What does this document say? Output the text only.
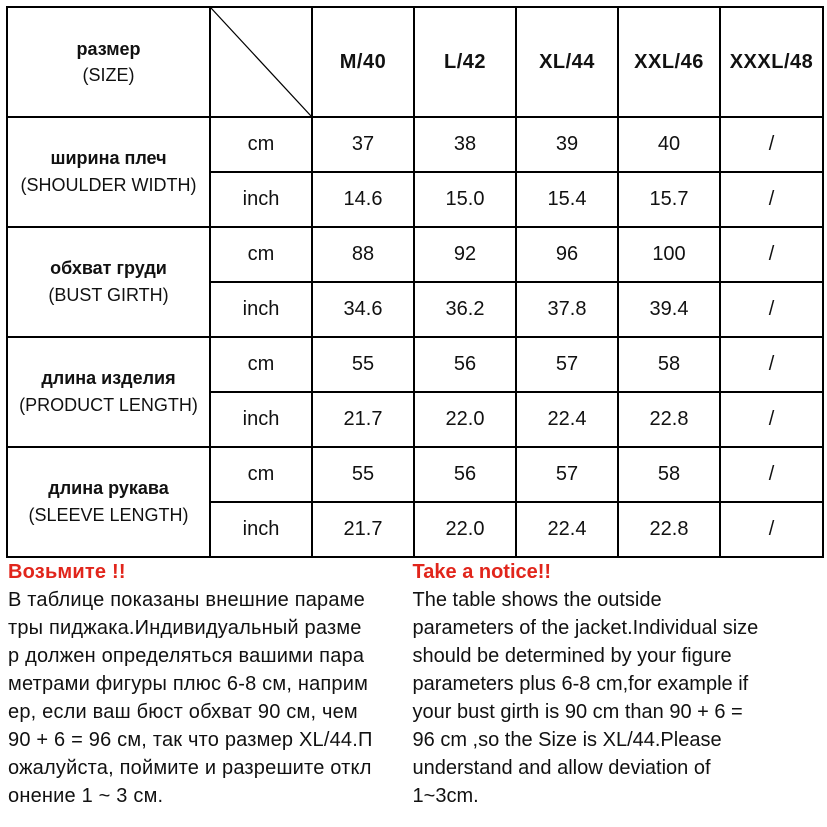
размер
(SIZE)		M/40	L/42	XL/44	XXL/46	XXXL/48

ширина плеч
(SHOULDER WIDTH)	cm	37	38	39	40	/
	inch	14.6	15.0	15.4	15.7	/

обхват груди
(BUST GIRTH)	cm	88	92	96	100	/
	inch	34.6	36.2	37.8	39.4	/

длина изделия
(PRODUCT LENGTH)	cm	55	56	57	58	/
	inch	21.7	22.0	22.4	22.8	/

длина рукава
(SLEEVE LENGTH)	cm	55	56	57	58	/
	inch	21.7	22.0	22.4	22.8	/
Возьмите !!
В таблице показаны внешние параме
тры пиджака.Индивидуальный разме
р должен определяться вашими пара
метрами фигуры плюс 6-8 см, наприм
ер, если ваш бюст обхват 90 см, чем
90 + 6 = 96 см, так что размер XL/44.П
ожалуйста, поймите и разрешите откл
онение 1 ~ 3 см.
Take a notice!!
The table shows the outside
parameters of the jacket.Individual size
should be determined by your figure
parameters plus 6-8 cm,for example if
your bust girth is 90 cm than 90 + 6 =
96 cm ,so the Size is XL/44.Please
understand and allow deviation of
1~3cm.
